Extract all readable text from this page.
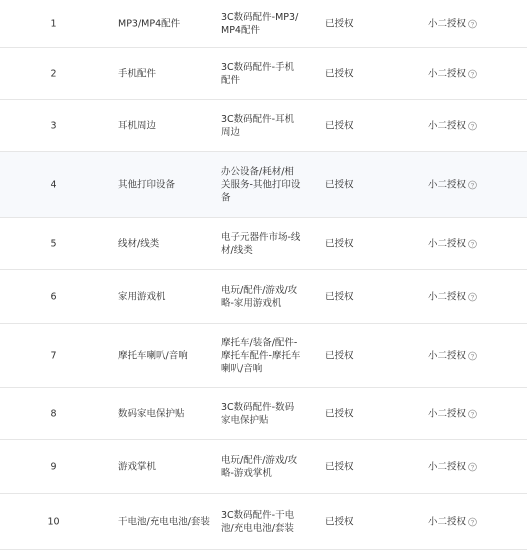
1	MP3/MP4配件
3C数码配件-MP3/MP4配件
已授权	小二授权
2	手机配件
3C数码配件-手机配件
已授权	小二授权
3	耳机周边
3C数码配件-耳机周边
已授权	小二授权
4	其他打印设备
办公设备/耗材/相关服务-其他打印设备
已授权	小二授权
5	线材/线类
电子元器件市场-线材/线类
已授权	小二授权
6	家用游戏机
电玩/配件/游戏/攻略-家用游戏机
已授权	小二授权
7	摩托车喇叭/音响
摩托车/装备/配件-摩托车配件-摩托车喇叭/音响
已授权	小二授权
8	数码家电保护贴
3C数码配件-数码家电保护贴
已授权	小二授权
9	游戏掌机
电玩/配件/游戏/攻略-游戏掌机
已授权	小二授权
10	干电池/充电电池/套装
3C数码配件-干电池/充电电池/套装
已授权	小二授权
